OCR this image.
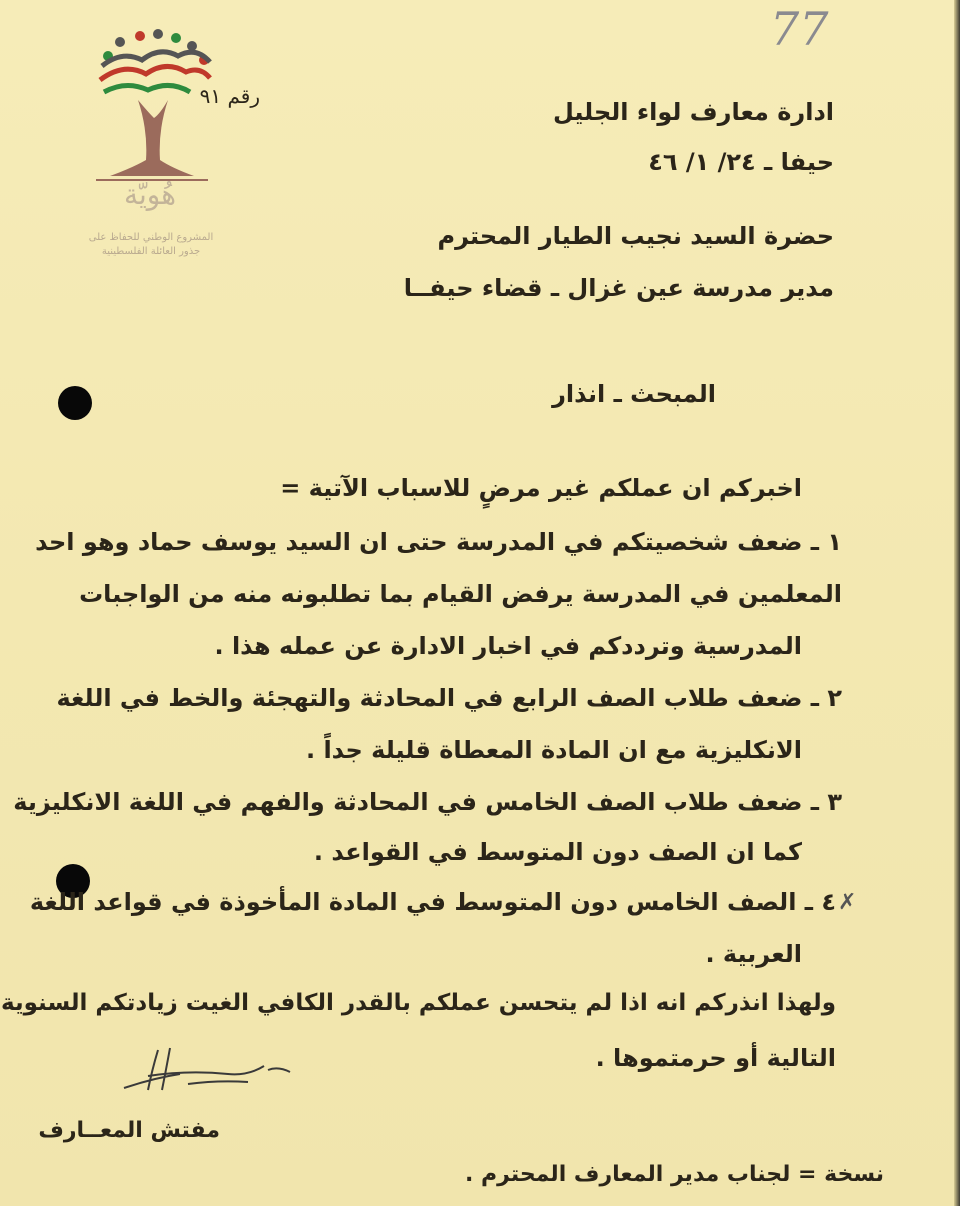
77
هُويّة
المشروع الوطني للحفاظ على
جذور العائلة الفلسطينية
رقم ٩١
ادارة معارف لواء الجليل
حيفا ـ ٢٤/ ١/ ٤٦
حضرة السيد نجيب الطيار المحترم
مدير مدرسة عين غزال ـ قضاء حيفــا
المبحث ـ انذار
اخبركم ان عملكم غير مرضٍ للاسباب الآتية =
١ ـ ضعف شخصيتكم في المدرسة حتى ان السيد يوسف حماد وهو احد
المعلمين في المدرسة يرفض القيام بما تطلبونه منه من الواجبات
المدرسية وترددكم في اخبار الادارة عن عمله هذا .
٢ ـ ضعف طلاب الصف الرابع في المحادثة والتهجئة والخط في اللغة
الانكليزية مع ان المادة المعطاة قليلة جداً .
٣ ـ ضعف طلاب الصف الخامس في المحادثة والفهم في اللغة الانكليزية
كما ان الصف دون المتوسط في القواعد .
٤ ـ الصف الخامس دون المتوسط في المادة المأخوذة في قواعد اللغة
العربية .
✗
ولهذا انذركم انه اذا لم يتحسن عملكم بالقدر الكافي الغيت زيادتكم السنوية
التالية أو حرمتموها .
مفتش المعــارف
نسخة = لجناب مدير المعارف المحترم .
